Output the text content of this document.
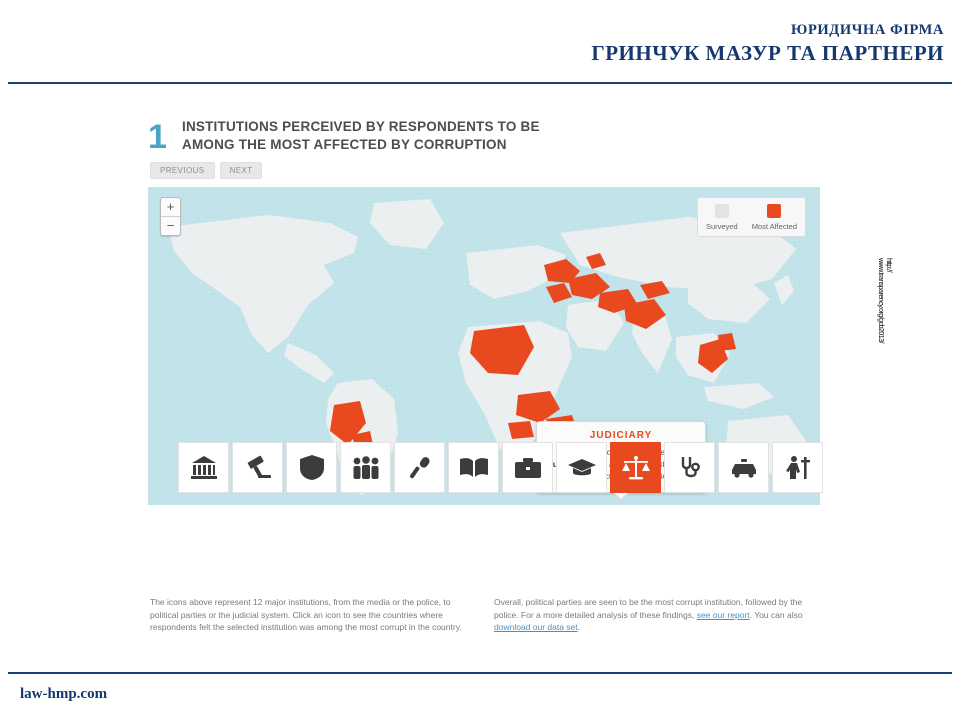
ЮРИДИЧНА ФІРМА
ГРИНЧУК МАЗУР ТА ПАРТНЕРИ
1 INSTITUTIONS PERCEIVED BY RESPONDENTS TO BE AMONG THE MOST AFFECTED BY CORRUPTION
PREVIOUS	NEXT
+
−	Surveyed Most Affected
JUDICIARY
The icons above represent 12 major institutions, from the media or the police, to political parties or the judicial system. Click an icon to see the countries where respondents felt the selected institution was among the most corrupt in the country.
Overall, political parties are seen to be the most corrupt institution, followed by the police. For a more detailed analysis of these findings, see our report. You can also download our data set.
http://
www.transparency.org/gcb2013/
law-hmp.com
